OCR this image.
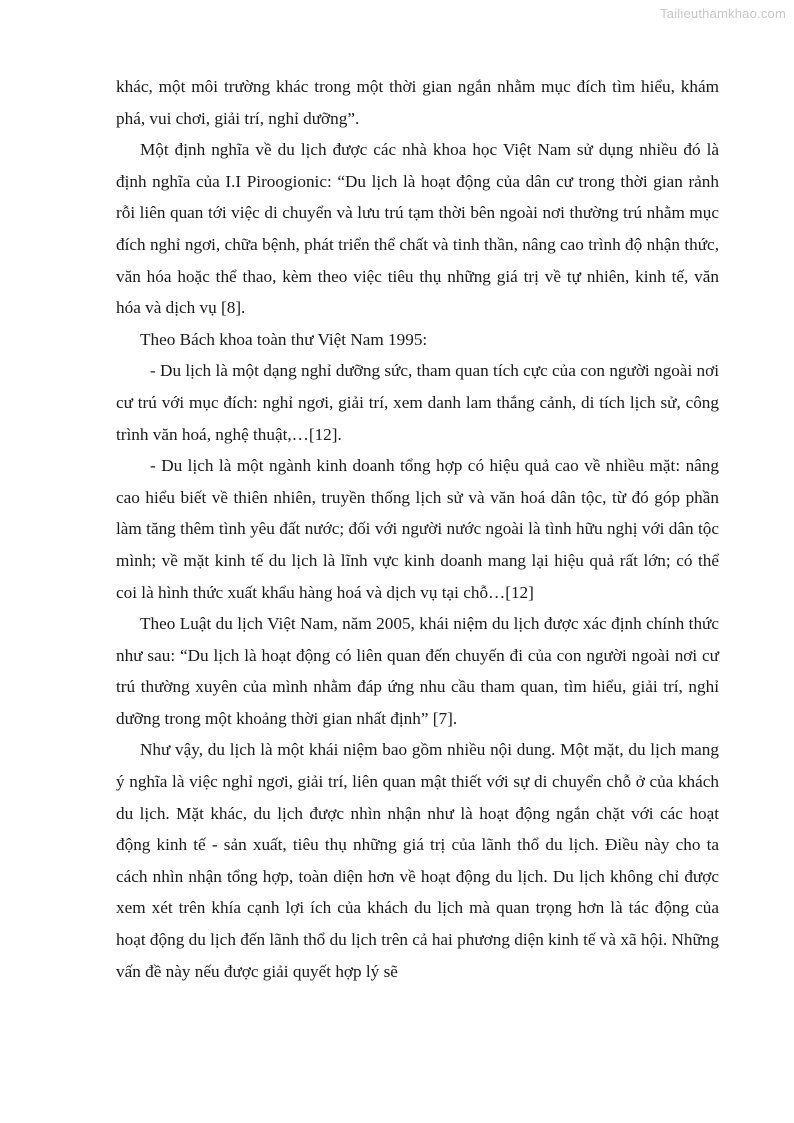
Tailieuthamkhao.com

khác, một môi trường khác trong một thời gian ngắn nhằm mục đích tìm hiểu, khám phá, vui chơi, giải trí, nghỉ dưỡng”.

Một định nghĩa về du lịch được các nhà khoa học Việt Nam sử dụng nhiều đó là định nghĩa của I.I Piroogionic: “Du lịch là hoạt động của dân cư trong thời gian rảnh rỗi liên quan tới việc di chuyển và lưu trú tạm thời bên ngoài nơi thường trú nhằm mục đích nghỉ ngơi, chữa bệnh, phát triển thể chất và tinh thần, nâng cao trình độ nhận thức, văn hóa hoặc thể thao, kèm theo việc tiêu thụ những giá trị về tự nhiên, kinh tế, văn hóa và dịch vụ [8].

Theo Bách khoa toàn thư Việt Nam 1995:

- Du lịch là một dạng nghỉ dưỡng sức, tham quan tích cực của con người ngoài nơi cư trú với mục đích: nghỉ ngơi, giải trí, xem danh lam thắng cảnh, di tích lịch sử, công trình văn hoá, nghệ thuật,…[12].

- Du lịch là một ngành kinh doanh tổng hợp có hiệu quả cao về nhiều mặt: nâng cao hiểu biết về thiên nhiên, truyền thống lịch sử và văn hoá dân tộc, từ đó góp phần làm tăng thêm tình yêu đất nước; đối với người nước ngoài là tình hữu nghị với dân tộc mình; về mặt kinh tế du lịch là lĩnh vực kinh doanh mang lại hiệu quả rất lớn; có thể coi là hình thức xuất khẩu hàng hoá và dịch vụ tại chỗ…[12]

Theo Luật du lịch Việt Nam, năm 2005, khái niệm du lịch được xác định chính thức như sau: “Du lịch là hoạt động có liên quan đến chuyến đi của con người ngoài nơi cư trú thường xuyên của mình nhằm đáp ứng nhu cầu tham quan, tìm hiểu, giải trí, nghỉ dưỡng trong một khoảng thời gian nhất định” [7].

Như vậy, du lịch là một khái niệm bao gồm nhiều nội dung. Một mặt, du lịch mang ý nghĩa là việc nghỉ ngơi, giải trí, liên quan mật thiết với sự di chuyển chỗ ở của khách du lịch. Mặt khác, du lịch được nhìn nhận như là hoạt động ngắn chặt với các hoạt động kinh tế - sản xuất, tiêu thụ những giá trị của lãnh thổ du lịch. Điều này cho ta cách nhìn nhận tổng hợp, toàn diện hơn về hoạt động du lịch. Du lịch không chỉ được xem xét trên khía cạnh lợi ích của khách du lịch mà quan trọng hơn là tác động của hoạt động du lịch đến lãnh thổ du lịch trên cả hai phương diện kinh tế và xã hội. Những vấn đề này nếu được giải quyết hợp lý sẽ
